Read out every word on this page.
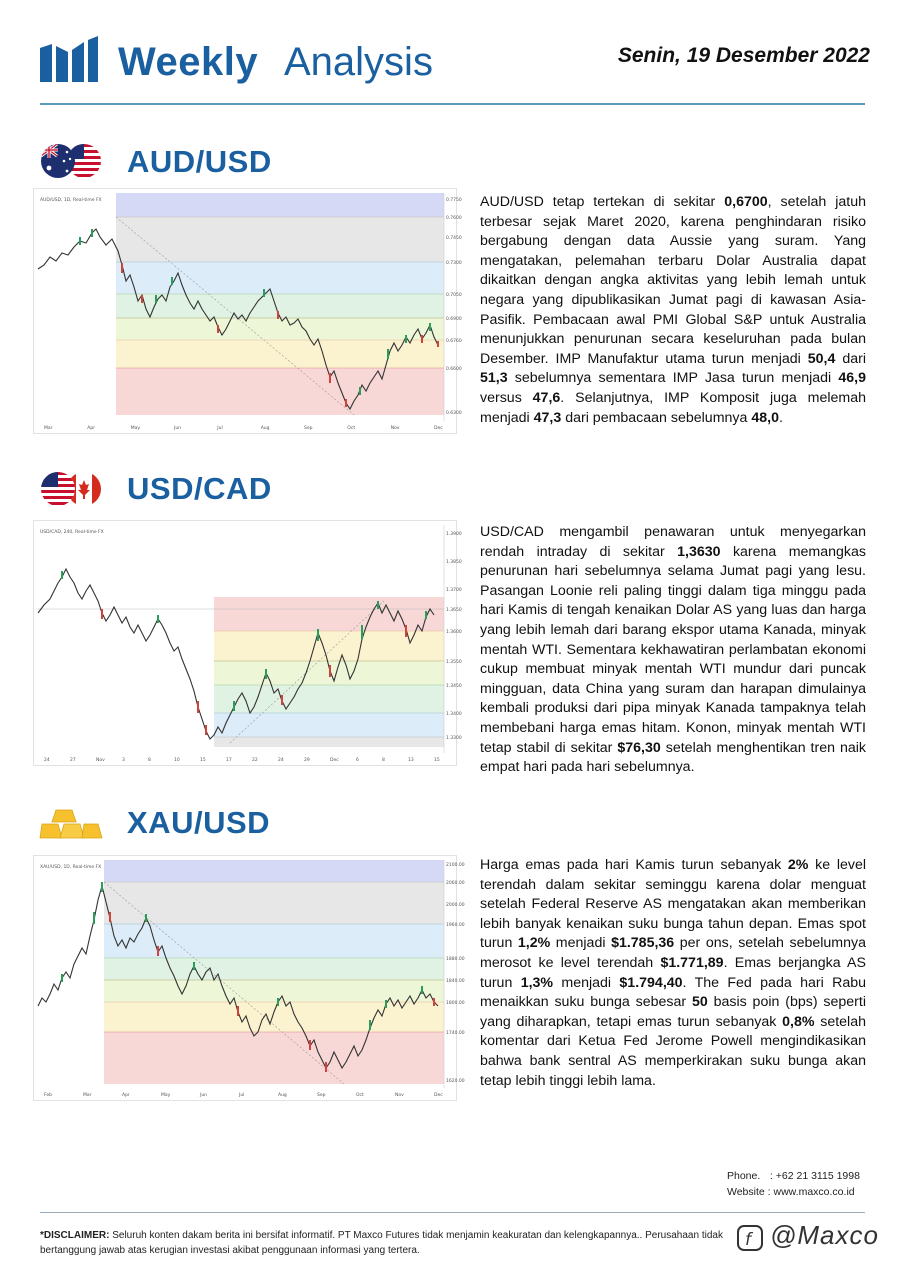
Weekly Analysis	Senin, 19 Desember 2022
AUD/USD
0.7750
0.7600
0.7450
0.7300
0.7050
0.6900
0.6760
0.6600
0.6300
AUD/USD, 1D, Real-time FX
Mar	Apr	May	Jun	Jul	Aug	Sep	Oct	Nov	Dec
AUD/USD tetap tertekan di sekitar 0,6700, setelah jatuh terbesar sejak Maret 2020, karena penghindaran risiko bergabung dengan data Aussie yang suram. Yang mengatakan, pelemahan terbaru Dolar Australia dapat dikaitkan dengan angka aktivitas yang lebih lemah untuk negara yang dipublikasikan Jumat pagi di kawasan Asia-Pasifik. Pembacaan awal PMI Global S&P untuk Australia menunjukkan penurunan secara keseluruhan pada bulan Desember. IMP Manufaktur utama turun menjadi 50,4 dari 51,3 sebelumnya sementara IMP Jasa turun menjadi 46,9 versus 47,6. Selanjutnya, IMP Komposit juga melemah menjadi 47,3 dari pembacaan sebelumnya 48,0.
USD/CAD
1.3900
1.3850
1.3700
1.3650
1.3600
1.3550
1.3450
1.3400
1.3300
USD/CAD, 240, Real-time FX
24	27	Nov	3	8	10	15	17	22	24	29	Dec	6	8	13	15
USD/CAD mengambil penawaran untuk menyegarkan rendah intraday di sekitar 1,3630 karena memangkas penurunan hari sebelumnya selama Jumat pagi yang lesu. Pasangan Loonie reli paling tinggi dalam tiga minggu pada hari Kamis di tengah kenaikan Dolar AS yang luas dan harga yang lebih lemah dari barang ekspor utama Kanada, minyak mentah WTI. Sementara kekhawatiran perlambatan ekonomi cukup membuat minyak mentah WTI mundur dari puncak mingguan, data China yang suram dan harapan dimulainya kembali produksi dari pipa minyak Kanada tampaknya telah membebani harga emas hitam. Konon, minyak mentah WTI tetap stabil di sekitar $76,30 setelah menghentikan tren naik empat hari pada hari sebelumnya.
XAU/USD
2100.00
2060.00
2000.00
1960.00
1880.00
1840.00
1800.00
1740.00
1620.00
XAU/USD, 1D, Real-time FX
Feb	Mar	Apr	May	Jun	Jul	Aug	Sep	Oct	Nov	Dec
Harga emas pada hari Kamis turun sebanyak 2% ke level terendah dalam sekitar seminggu karena dolar menguat setelah Federal Reserve AS mengatakan akan memberikan lebih banyak kenaikan suku bunga tahun depan. Emas spot turun 1,2% menjadi $1.785,36 per ons, setelah sebelumnya merosot ke level terendah $1.771,89. Emas berjangka AS turun 1,3% menjadi $1.794,40. The Fed pada hari Rabu menaikkan suku bunga sebesar 50 basis poin (bps) seperti yang diharapkan, tetapi emas turun sebanyak 0,8% setelah komentar dari Ketua Fed Jerome Powell mengindikasikan bahwa bank sentral AS memperkirakan suku bunga akan tetap lebih tinggi lebih lama.
Phone. : +62 21 3115 1998
Website : www.maxco.co.id
*DISCLAIMER: Seluruh konten dakam berita ini bersifat informatif. PT Maxco Futures tidak menjamin keakuratan dan kelengkapannya.. Perusahaan tidak bertanggung jawab atas kerugian investasi akibat penggunaan informasi yang tertera.
f @Maxco
